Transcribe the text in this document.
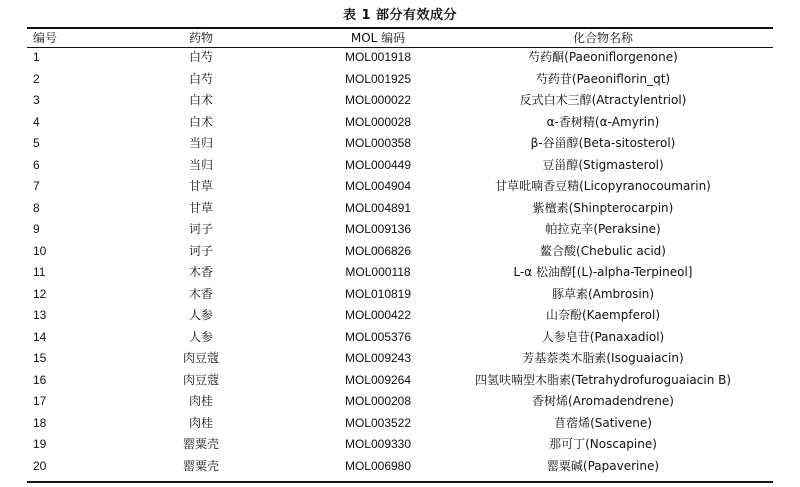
表 1 部分有效成分
编号	药物	MOL 编码	化合物名称
1	白芍	MOL001918	芍药酮(Paeoniflorgenone)
2	白芍	MOL001925	芍药苷(Paeoniflorin_qt)
3	白术	MOL000022	反式白术三醇(Atractylentriol)
4	白术	MOL000028	α-香树精(α-Amyrin)
5	当归	MOL000358	β-谷甾醇(Beta-sitosterol)
6	当归	MOL000449	豆甾醇(Stigmasterol)
7	甘草	MOL004904	甘草吡喃香豆精(Licopyranocoumarin)
8	甘草	MOL004891	紫檀素(Shinpterocarpin)
9	诃子	MOL009136	帕拉克辛(Peraksine)
10	诃子	MOL006826	鳌合酸(Chebulic acid)
11	木香	MOL000118	L-α 松油醇[(L)-alpha-Terpineol]
12	木香	MOL010819	豚草素(Ambrosin)
13	人参	MOL000422	山奈酚(Kaempferol)
14	人参	MOL005376	人参皂苷(Panaxadiol)
15	肉豆蔻	MOL009243	芳基萘类木脂素(Isoguaiacin)
16	肉豆蔻	MOL009264	四氢呋喃型木脂素(Tetrahydrofuroguaiacin B)
17	肉桂	MOL000208	香树烯(Aromadendrene)
18	肉桂	MOL003522	苜蓿烯(Sativene)
19	罂粟壳	MOL009330	那可丁(Noscapine)
20	罂粟壳	MOL006980	罂粟碱(Papaverine)
